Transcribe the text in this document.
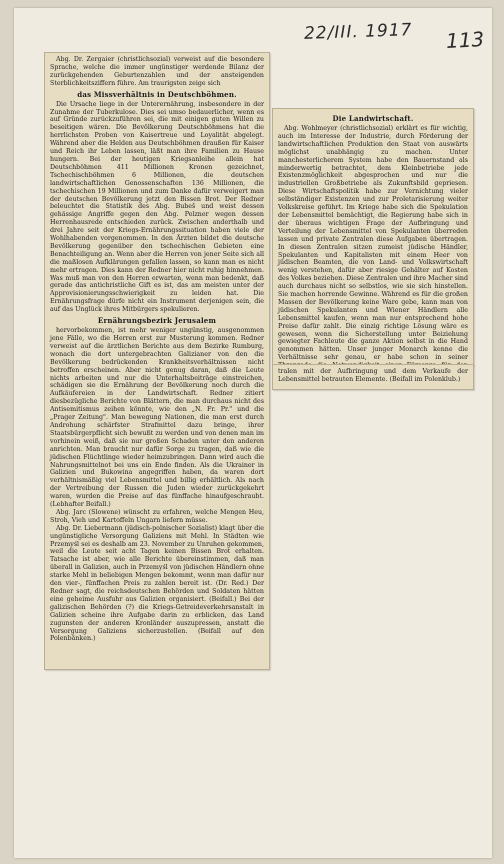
22/III. 1917 113

Abg. Dr. Zergaier (christlichsozial) verweist auf die besondere Sprache, welche die immer ungünstiger werdende Bilanz der zurückgehenden Geburtenzahlen und der ansteigenden Sterblichkeitsziffern führe. Am traurigsten zeige sich

das Missverhältnis in Deutschböhmen.

Die Ursache liege in der Unterernährung, insbesondere in der Zunahme der Tuberkulose. Dies sei umso bedauerlicher, wenn es auf Gründe zurückzuführen sei, die mit einigen guten Willen zu beseitigen wären. Die Bevölkerung Deutschböhmens hat die herrlichsten Proben von Kaisertreue und Loyalität abgelegt. Während aber die Helden aus Deutschböhmen draußen für Kaiser und Reich ihr Leben lassen, läßt man ihre Familien zu Hause hungern. Bei der heutigen Kriegsanleihe allein hat Deutschböhmen 411 Millionen Kronen gezeichnet, Tschechischböhmen 6 Millionen, die deutschen landwirtschaftlichen Genossenschaften 136 Millionen, die tschechischen 19 Millionen und zum Danke dafür verweigert man der deutschen Bevölkerung jetzt den Bissen Brot. Der Redner beleuchtet die Statistik des Abg. Bubeš und weist dessen gehässige Angriffe gegen den Abg. Pelzner wegen dessen Herrenhausrede entschieden zurück. Zwischen anderthalb und drei Jahre seit der Kriegs-Ernährungssituation haben viele der Wohlhabenden vorgenommen. In den Ärzten bildet die deutsche Bevölkerung gegenüber den tschechischen Gebieten eine Benachteiligung an. Wenn aber die Herren von jener Seite sich all die maßlosen Aufklärungen gefallen lassen, so kann man es nicht mehr ertragen. Dies kann der Redner hier nicht ruhig hinnehmen. Was muß man von den Herren erwarten, wenn man bedenkt, daß gerade das antichristliche Gift es ist, das am meisten unter der Approvisionierungsschwierigkeit zu leiden hat. Die Ernährungsfrage dürfe nicht ein Instrument derjenigen sein, die auf das Unglück ihres Mitbürgers spekulieren.

Ernährungsbezirk Jerusalem

hervorbekommen, ist mehr weniger ungünstig, ausgenommen jene Fälle, wo die Herren erst zur Musterung kommen. Redner verweist auf die ärztlichen Berichte aus dem Bezirke Rumburg, wonach die dort untergebrachten Galizianer von den die Bevölkerung bedrückenden Krankheitsverhältnissen nicht betroffen erscheinen. Aber nicht genug daran, daß die Leute nichts arbeiten und nur die Unterhaltsbeiträge einstreichen, schädigen sie die Ernährung der Bevölkerung noch durch die Aufkäufereien in der Landwirtschaft. Redner zitiert diesbezügliche Berichte von Blättern, die man durchaus nicht des Antisemitismus zeihen könnte, wie den „N. Fr. Pr." und die „Prager Zeitung". Man bewegung Nationen, die man erst durch Androhung schärfster Strafmittel dazu bringe, ihrer Staatsbürgerpflicht sich bewußt zu werden und von denen man im vorhinein weiß, daß sie nur großen Schaden unter den anderen anrichten. Man braucht nur dafür Sorge zu tragen, daß wie die jüdischen Flüchtlinge wieder heimzubringen. Dann wird auch die Nahrungsmittelnot bei uns ein Ende finden. Als die Ukrainer in Galizien und Bukowina angegriffen haben, da waren dort verhältnismäßig viel Lebensmittel und billig erhältlich. Als nach der Vertreibung der Russen die Juden wieder zurückgekehrt waren, wurden die Preise auf das fünffache hinaufgeschraubt. (Lebhafter Beifall.)

Abg. Jarc (Slowene) wünscht zu erfahren, welche Mengen Heu, Stroh, Vieh und Kartoffeln Ungarn liefern müsse.

Abg. Dr. Liebermann (jüdisch-polnischer Sozialist) klagt über die ungünstigliche Versorgung Galiziens mit Mehl. In Städten wie Przemyśl sei es deshalb am 23. November zu Unruhen gekommen, weil die Leute seit acht Tagen keinen Bissen Brot erhalten. Tatsache ist aber, wie alle Berichte übereinstimmen, daß man überall in Galizien, auch in Przemyśl von jüdischen Händlern ohne starke Mehl in beliebigen Mengen bekommt, wenn man dafür nur den vier-, fünffachen Preis zu zahlen bereit ist. (Dr. Red.) Der Redner sagt, die reichsdeutschen Behörden und Soldaten hätten eine geheime Ausfuhr aus Galizien organisiert. (Beifall.) Bei der galizischen Behörden (?) die Kriegs-Getreideverkehrsanstalt in Galizien scheine ihre Aufgabe darin zu erblicken, das Land zugunsten der anderen Kronländer auszupressen, anstatt die Versorgung Galiziens sicherzustellen. (Beifall auf den Polenbänken.)

Die Landwirtschaft.

Abg. Wohlmeyer (christlichsozial) erklärt es für wichtig, auch im Interesse der Industrie, durch Förderung der landwirtschaftlichen Produktion den Staat von auswärts möglichst unabhängig zu machen. Unter manchesterlicherem System habe den Bauernstand als minderwertig betrachtet, dem Kleinbetriebe jede Existenzmöglichkeit abgesprochen und nur die industriellen Großbetriebe als Zukunftsbild gepriesen. Diese Wirtschaftspolitik habe zur Vernichtung vieler selbständiger Existenzen und zur Proletarisierung weiter Volkskreise geführt. Im Kriege habe sich die Spekulation der Lebensmittel bemächtigt, die Regierung habe sich in der überaus wichtigen Frage der Aufbringung und Verteilung der Lebensmittel von Spekulanten überreden lassen und private Zentralen diese Aufgaben übertragen. In diesen Zentralen sitzen zumeist jüdische Händler, Spekulanten und Kapitalisten mit einem Heer von jüdischen Beamten, die von Land- und Volkswirtschaft wenig verstehen, dafür aber riesige Gehälter auf Kosten des Volkes beziehen. Diese Zentralen und ihre Macher sind auch durchaus nicht so selbstlos, wie sie sich hinstellen. Sie machen horrende Gewinne. Während es für die großen Massen der Bevölkerung keine Ware gebe, kann man von jüdischen Spekulanten und Wiener Händlern alle Lebensmittel kaufen, wenn man nur entsprechend hohe Preise dafür zahlt. Die einzig richtige Lösung wäre es gewesen, wenn die Sicherstellung unter Beiziehung gewiegter Fachleute die ganze Aktion selbst in die Hand genommen hätten. Unser junger Monarch kenne die Verhältnisse sehr genau, er habe schon in seiner

tralen mit der Aufbringung und dem Verkaufe der Lebensmittel betrauten Elemente. (Beifall im Polenklub.)
